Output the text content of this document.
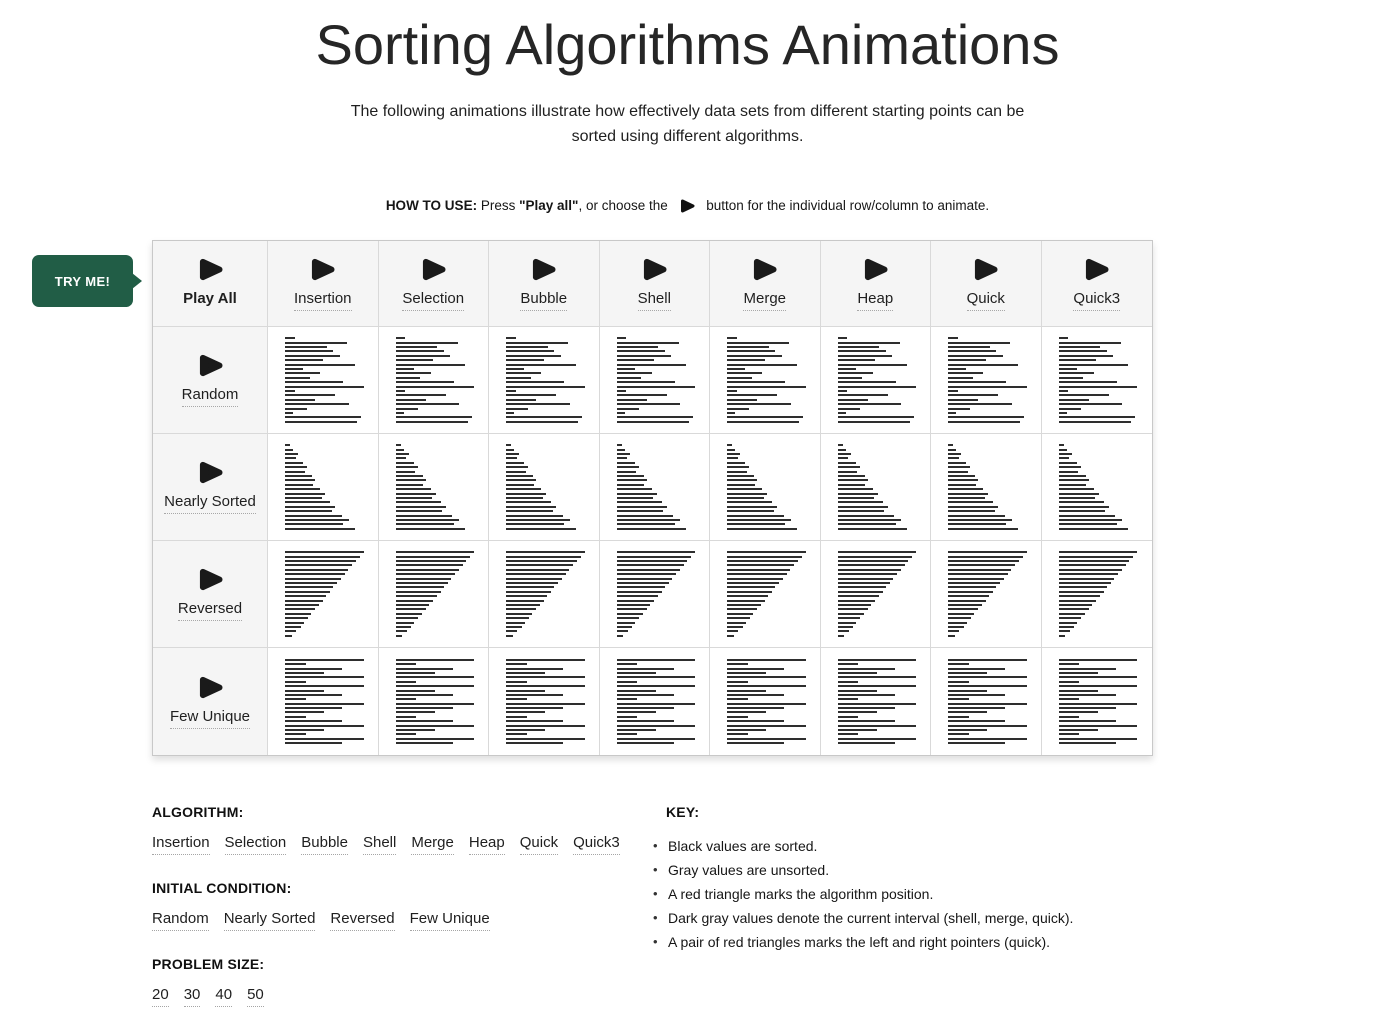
Sorting Algorithms Animations

The following animations illustrate how effectively data sets from different starting points can be
sorted using different algorithms.

HOW TO USE: Press "Play all", or choose the  button for the individual row/column to animate.
TRY ME!
Play All	Insertion	Selection	Bubble	Shell	Merge	Heap	Quick	Quick3
Random
Nearly Sorted
Reversed
Few Unique

ALGORITHM:

Insertion Selection Bubble Shell Merge Heap Quick Quick3

INITIAL CONDITION:

Random Nearly Sorted Reversed Few Unique

PROBLEM SIZE:

20 30 40 50

KEY:

• Black values are sorted.
• Gray values are unsorted.
• A red triangle marks the algorithm position.
• Dark gray values denote the current interval (shell, merge, quick).
• A pair of red triangles marks the left and right pointers (quick).
